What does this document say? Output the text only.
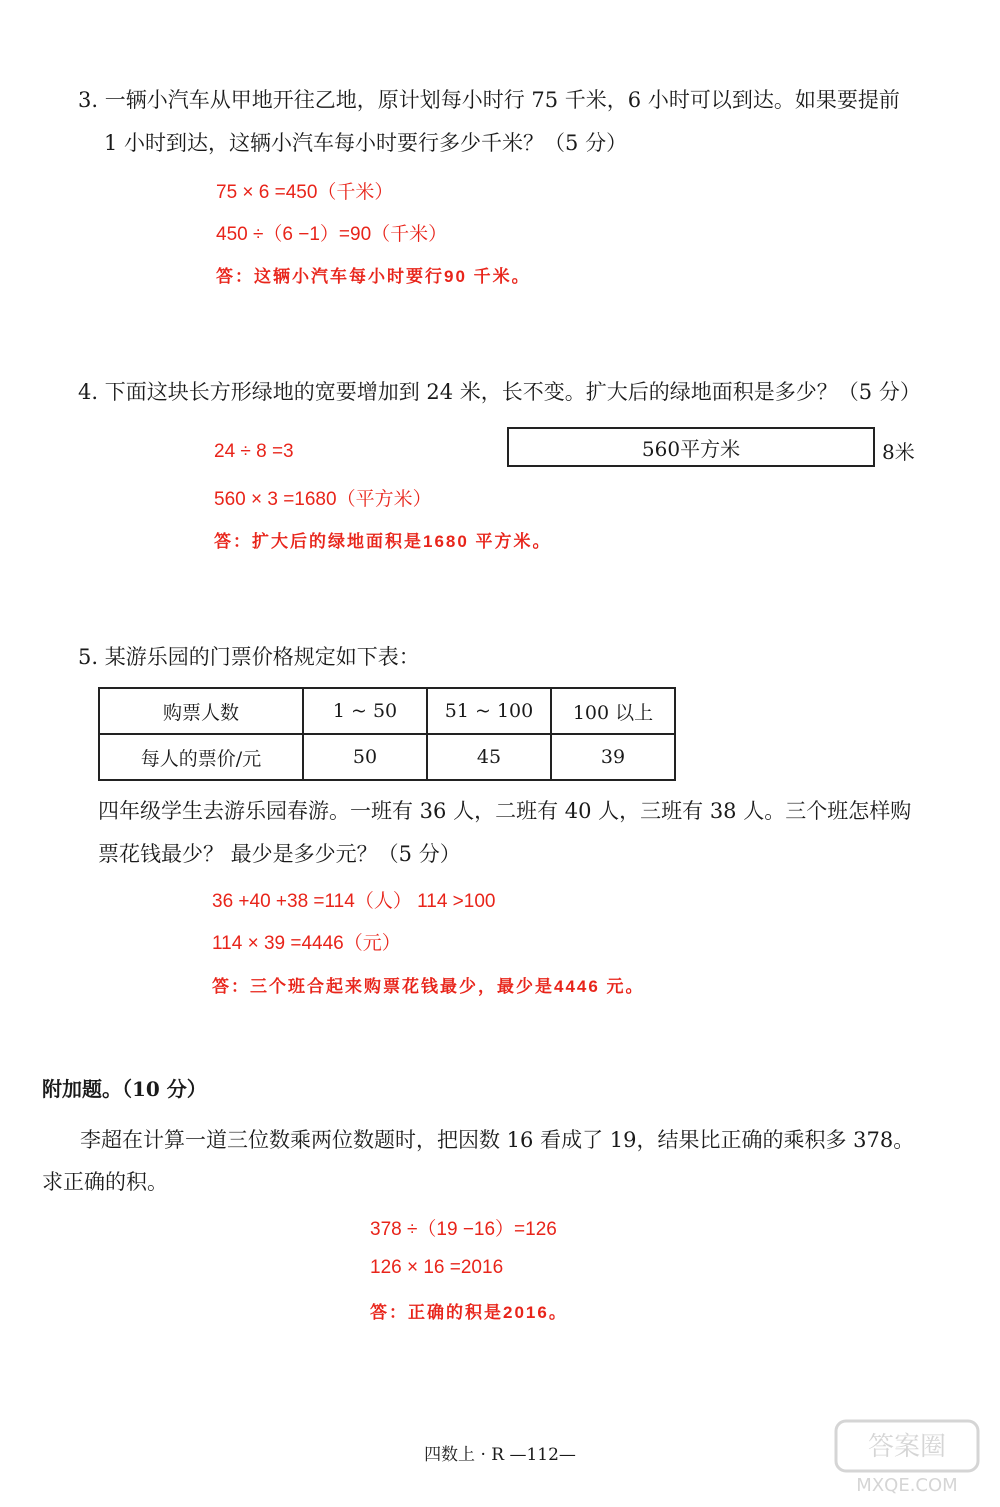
3. 一辆小汽车从甲地开往乙地，原计划每小时行 75 千米，6 小时可以到达。如果要提前
1 小时到达，这辆小汽车每小时要行多少千米？（5 分）
75 × 6 =450（千米）
450 ÷（6 −1）=90（千米）
答：这辆小汽车每小时要行90 千米。
4. 下面这块长方形绿地的宽要增加到 24 米，长不变。扩大后的绿地面积是多少？（5 分）
24 ÷ 8 =3
560 × 3 =1680（平方米）
答：扩大后的绿地面积是1680 平方米。
560平方米	8米
5. 某游乐园的门票价格规定如下表：
购票人数	1 ~ 50	51 ~ 100	100 以上
每人的票价/元	50	45	39
四年级学生去游乐园春游。一班有 36 人，二班有 40 人，三班有 38 人。三个班怎样购
票花钱最少？ 最少是多少元？（5 分）
36 +40 +38 =114（人） 114 >100
114 × 39 =4446（元）
答：三个班合起来购票花钱最少，最少是4446 元。
附加题。（10 分）
李超在计算一道三位数乘两位数题时，把因数 16 看成了 19，结果比正确的乘积多 378。
求正确的积。
378 ÷（19 −16）=126
126 × 16 =2016
答：正确的积是2016。
四数上 · R —112—	答案圈
MXQE.COM
